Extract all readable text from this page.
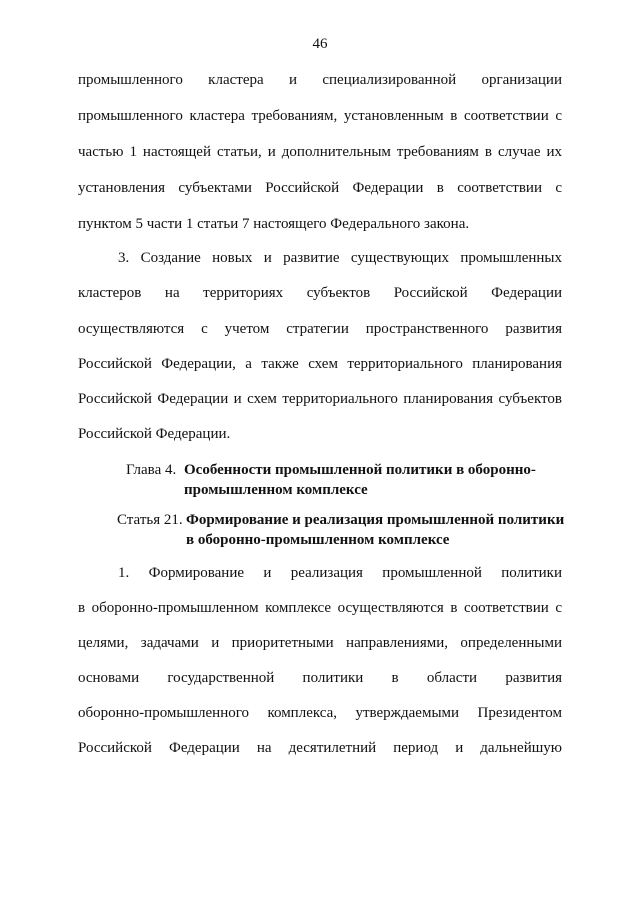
46
промышленного кластера и специализированной организации
промышленного кластера требованиям, установленным в соответствии с
частью 1 настоящей статьи, и дополнительным требованиям в случае их
установления субъектами Российской Федерации в соответствии с
пунктом 5 части 1 статьи 7 настоящего Федерального закона.
3. Создание новых и развитие существующих промышленных
кластеров на территориях субъектов Российской Федерации
осуществляются с учетом стратегии пространственного развития
Российской Федерации, а также схем территориального планирования
Российской Федерации и схем территориального планирования субъектов
Российской Федерации.
Глава 4. Особенности промышленной политики в оборонно-
промышленном комплексе
Статья 21. Формирование и реализация промышленной политики
в оборонно-промышленном комплексе
1. Формирование и реализация промышленной политики
в оборонно-промышленном комплексе осуществляются в соответствии с
целями, задачами и приоритетными направлениями, определенными
основами государственной политики в области развития
оборонно-промышленного комплекса, утверждаемыми Президентом
Российской Федерации на десятилетний период и дальнейшую
